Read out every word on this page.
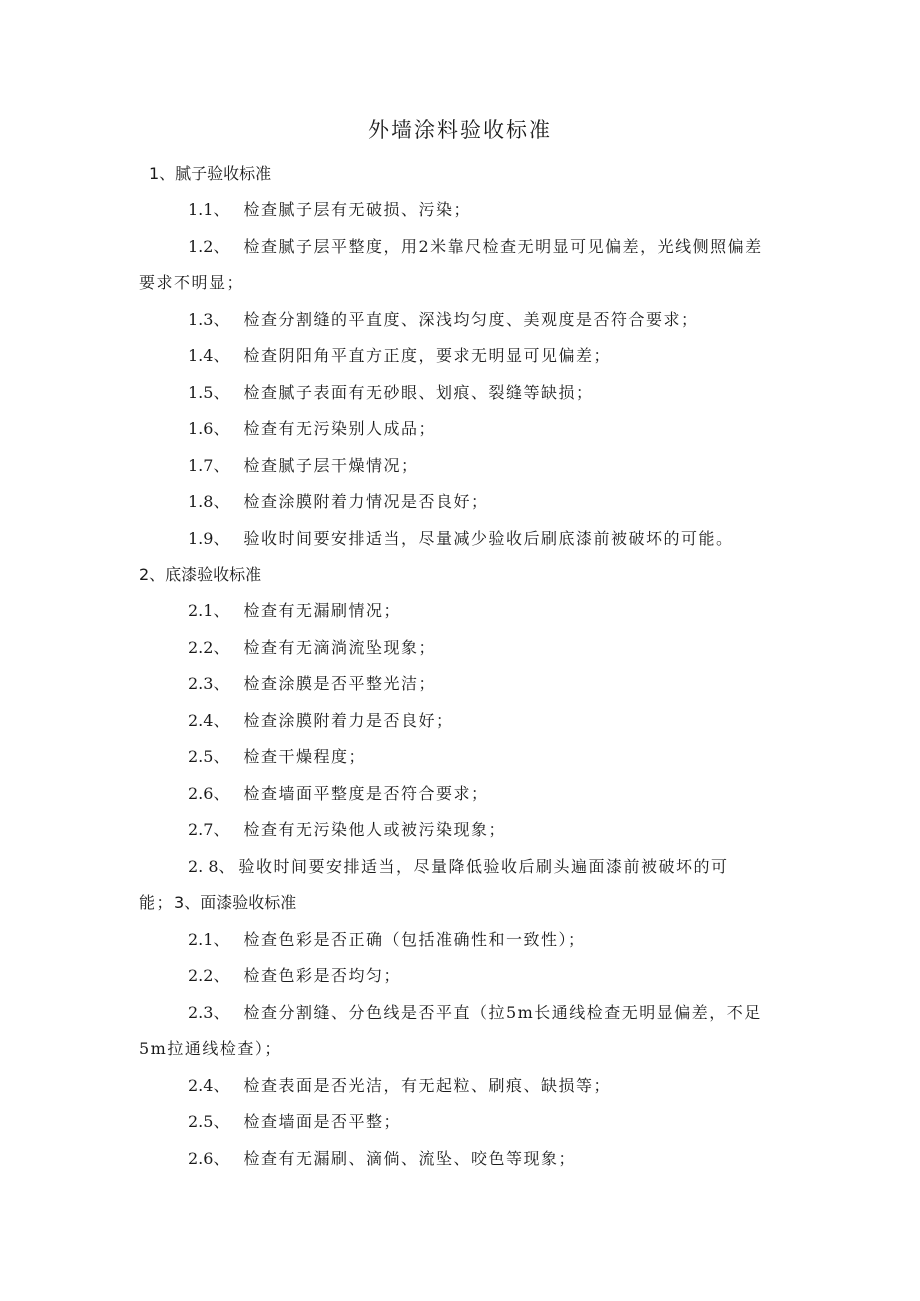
外墙涂料验收标准
1、腻子验收标准
1.1、 检查腻子层有无破损、污染；
1.2、 检查腻子层平整度，用2米靠尺检查无明显可见偏差，光线侧照偏差
要求不明显；
1.3、 检查分割缝的平直度、深浅均匀度、美观度是否符合要求；
1.4、 检查阴阳角平直方正度，要求无明显可见偏差；
1.5、 检查腻子表面有无砂眼、划痕、裂缝等缺损；
1.6、 检查有无污染别人成品；
1.7、 检查腻子层干燥情况；
1.8、 检查涂膜附着力情况是否良好；
1.9、 验收时间要安排适当，尽量减少验收后刷底漆前被破坏的可能。
2、底漆验收标准
2.1、 检查有无漏刷情况；
2.2、 检查有无滴淌流坠现象；
2.3、 检查涂膜是否平整光洁；
2.4、 检查涂膜附着力是否良好；
2.5、 检查干燥程度；
2.6、 检查墙面平整度是否符合要求；
2.7、 检查有无污染他人或被污染现象；
2. 8、 验收时间要安排适当，尽量降低验收后刷头遍面漆前被破坏的可
能；3、面漆验收标准
2.1、 检查色彩是否正确（包括准确性和一致性）；
2.2、 检查色彩是否均匀；
2.3、 检查分割缝、分色线是否平直（拉5m长通线检查无明显偏差，不足
5m拉通线检查）；
2.4、 检查表面是否光洁，有无起粒、刷痕、缺损等；
2.5、 检查墙面是否平整；
2.6、 检查有无漏刷、滴倘、流坠、咬色等现象；
